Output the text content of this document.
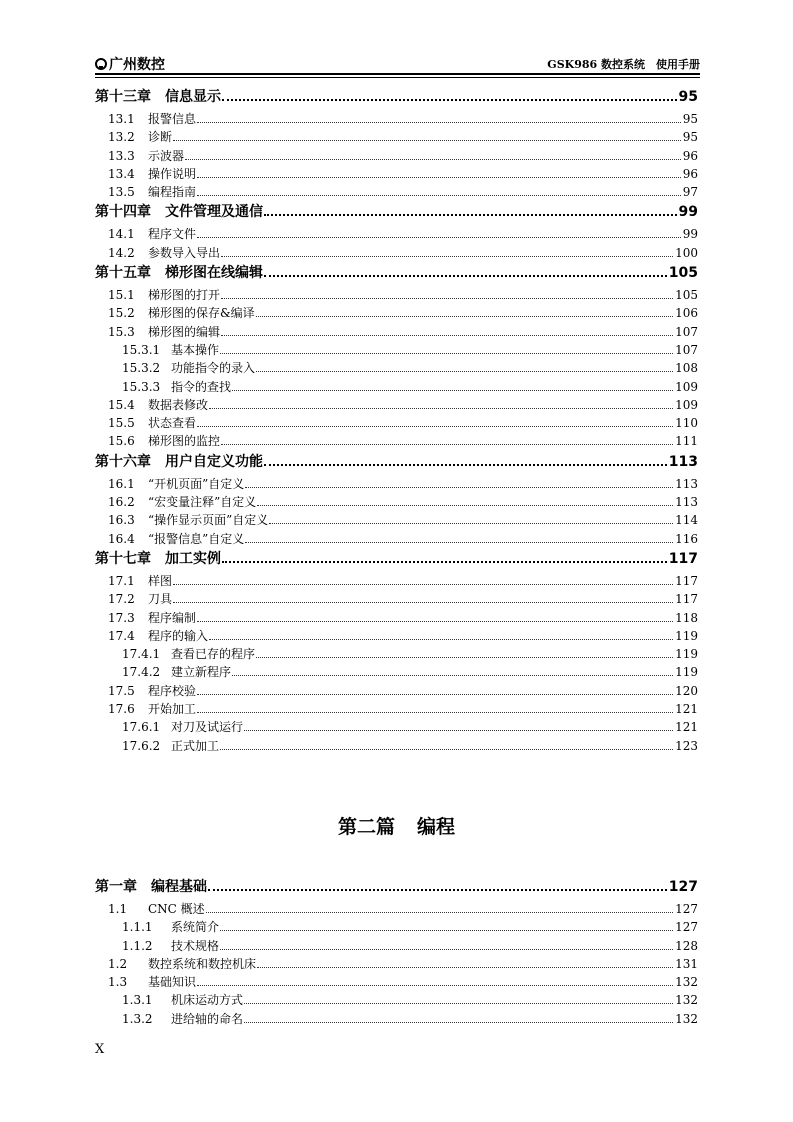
广州数控	GSK986 数控系统　使用手册
第十三章 信息显示	95
13.1	报警信息	95
13.2	诊断	95
13.3	示波器	96
13.4	操作说明	96
13.5	编程指南	97
第十四章 文件管理及通信	99
14.1	程序文件	99
14.2	参数导入导出	100
第十五章 梯形图在线编辑	105
15.1	梯形图的打开	105
15.2	梯形图的保存&编译	106
15.3	梯形图的编辑	107
15.3.1 基本操作	107
15.3.2 功能指令的录入	108
15.3.3 指令的查找	109
15.4	数据表修改	109
15.5	状态查看	110
15.6	梯形图的监控	111
第十六章 用户自定义功能	113
16.1	“开机页面”自定义	113
16.2	“宏变量注释”自定义	113
16.3	“操作显示页面”自定义	114
16.4	“报警信息”自定义	116
第十七章 加工实例	117
17.1	样图	117
17.2	刀具	117
17.3	程序编制	118
17.4	程序的输入	119
17.4.1 查看已存的程序	119
17.4.2 建立新程序	119
17.5	程序校验	120
17.6	开始加工	121
17.6.1 对刀及试运行	121
17.6.2 正式加工	123
第二篇 编程
第一章 编程基础	127
1.1	CNC 概述	127
1.1.1	系统简介	127
1.1.2	技术规格	128
1.2	数控系统和数控机床	131
1.3	基础知识	132
1.3.1	机床运动方式	132
1.3.2	进给轴的命名	132
X
